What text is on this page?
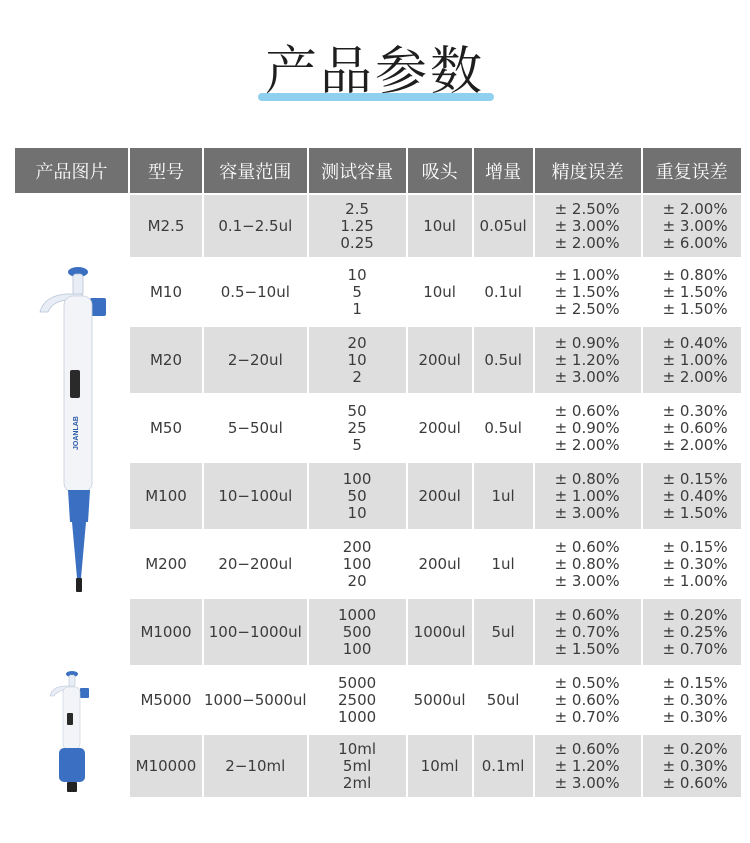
产品参数
产品图片	型号	容量范围	测试容量	吸头	增量	精度误差	重复误差

JOANLAB	M2.5	0.1−2.5ul	2.5
1.25
0.25	10ul	0.05ul	± 2.50%
± 3.00%
± 2.00%	± 2.00%
± 3.00%
± 6.00%

	M10	0.5−10ul	10
5
1	10ul	0.1ul	± 1.00%
± 1.50%
± 2.50%	± 0.80%
± 1.50%
± 1.50%

	M20	2−20ul	20
10
2	200ul	0.5ul	± 0.90%
± 1.20%
± 3.00%	± 0.40%
± 1.00%
± 2.00%

	M50	5−50ul	50
25
5	200ul	0.5ul	± 0.60%
± 0.90%
± 2.00%	± 0.30%
± 0.60%
± 2.00%

	M100	10−100ul	100
50
10	200ul	1ul	± 0.80%
± 1.00%
± 3.00%	± 0.15%
± 0.40%
± 1.50%

	M200	20−200ul	200
100
20	200ul	1ul	± 0.60%
± 0.80%
± 3.00%	± 0.15%
± 0.30%
± 1.00%

	M1000	100−1000ul	1000
500
100	1000ul	5ul	± 0.60%
± 0.70%
± 1.50%	± 0.20%
± 0.25%
± 0.70%

	M5000	1000−5000ul	5000
2500
1000	5000ul	50ul	± 0.50%
± 0.60%
± 0.70%	± 0.15%
± 0.30%
± 0.30%

	M10000	2−10ml	10ml
5ml
2ml	10ml	0.1ml	± 0.60%
± 1.20%
± 3.00%	± 0.20%
± 0.30%
± 0.60%
